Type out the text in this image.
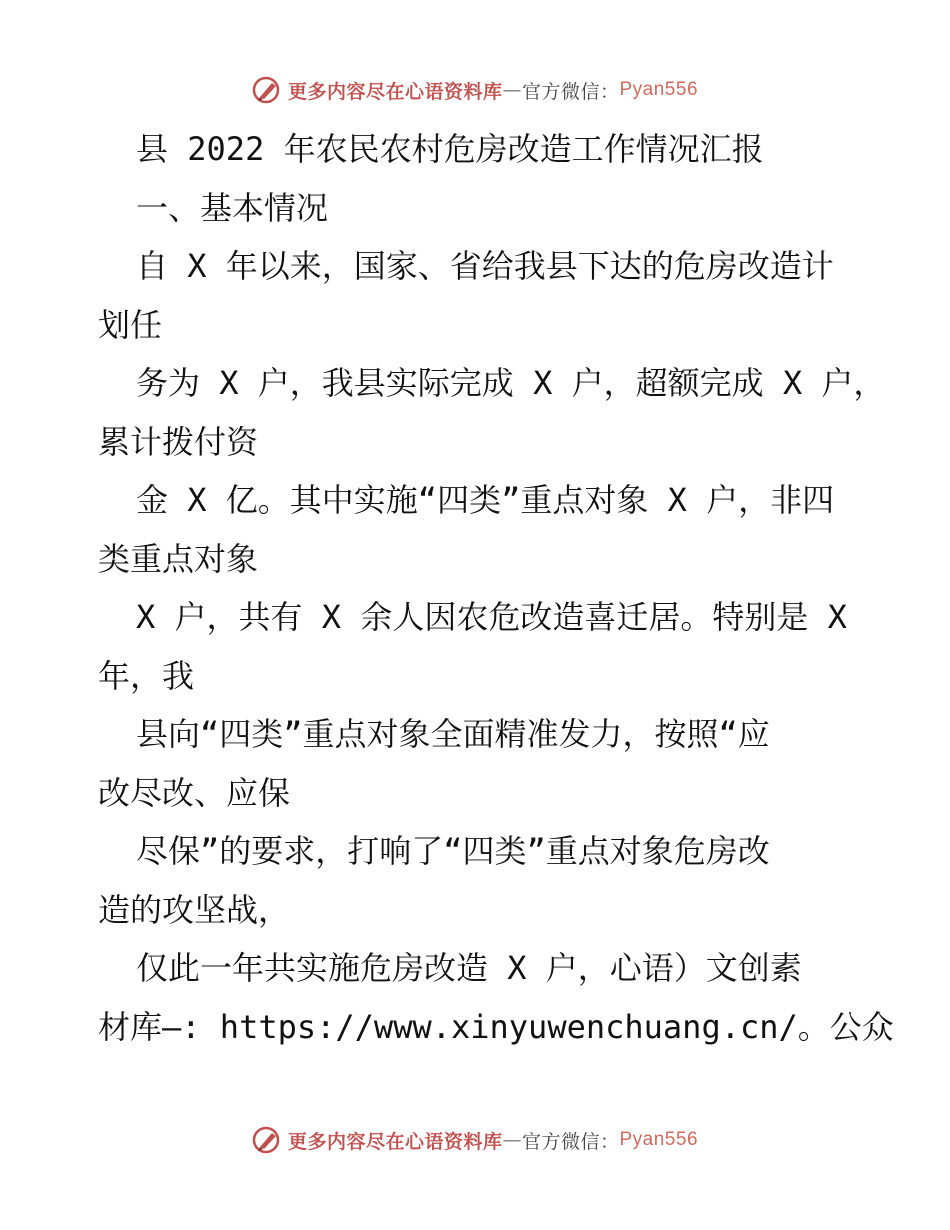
更多内容尽在心语资料库 — 官方微信： Pyan556

县 2022 年农民农村危房改造工作情况汇报

一、基本情况

自 X 年以来，国家、省给我县下达的危房改造计

划任

务为 X 户，我县实际完成 X 户，超额完成 X 户，

累计拨付资

金 X 亿。其中实施“四类”重点对象 X 户，非四

类重点对象

X 户，共有 X 余人因农危改造喜迁居。特别是 X

年，我

县向“四类”重点对象全面精准发力，按照“应

改尽改、应保

尽保”的要求，打响了“四类”重点对象危房改

造的攻坚战，

仅此一年共实施危房改造 X 户，心语）文创素

材库—: https://www.xinyuwenchuang.cn/。公众

更多内容尽在心语资料库 — 官方微信： Pyan556
